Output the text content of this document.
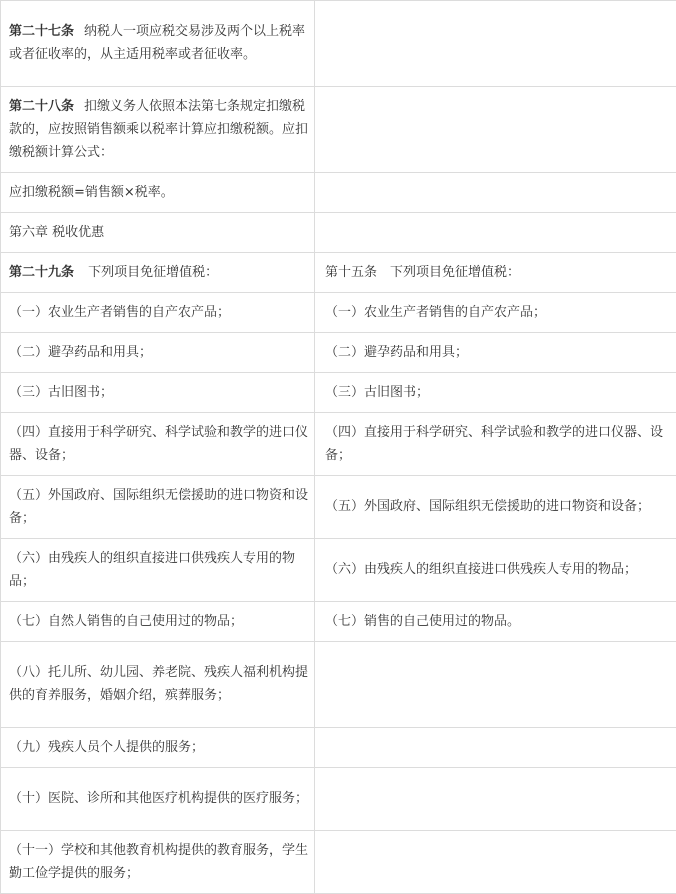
第二十七条 纳税人一项应税交易涉及两个以上税率或者征收率的，从主适用税率或者征收率。	
第二十八条 扣缴义务人依照本法第七条规定扣缴税款的，应按照销售额乘以税率计算应扣缴税额。应扣缴税额计算公式：	
应扣缴税额=销售额×税率。	
第六章 税收优惠	
第二十九条 下列项目免征增值税：	第十五条　下列项目免征增值税：
（一）农业生产者销售的自产农产品；	（一）农业生产者销售的自产农产品；
（二）避孕药品和用具；	（二）避孕药品和用具；
（三）古旧图书；	（三）古旧图书；
（四）直接用于科学研究、科学试验和教学的进口仪器、设备；	（四）直接用于科学研究、科学试验和教学的进口仪器、设备；
（五）外国政府、国际组织无偿援助的进口物资和设备；	（五）外国政府、国际组织无偿援助的进口物资和设备；
（六）由残疾人的组织直接进口供残疾人专用的物品；	（六）由残疾人的组织直接进口供残疾人专用的物品；
（七）自然人销售的自己使用过的物品；	（七）销售的自己使用过的物品。
（八）托儿所、幼儿园、养老院、残疾人福利机构提供的育养服务，婚姻介绍，殡葬服务；	
（九）残疾人员个人提供的服务；	
（十）医院、诊所和其他医疗机构提供的医疗服务；	
（十一）学校和其他教育机构提供的教育服务，学生勤工俭学提供的服务；	
